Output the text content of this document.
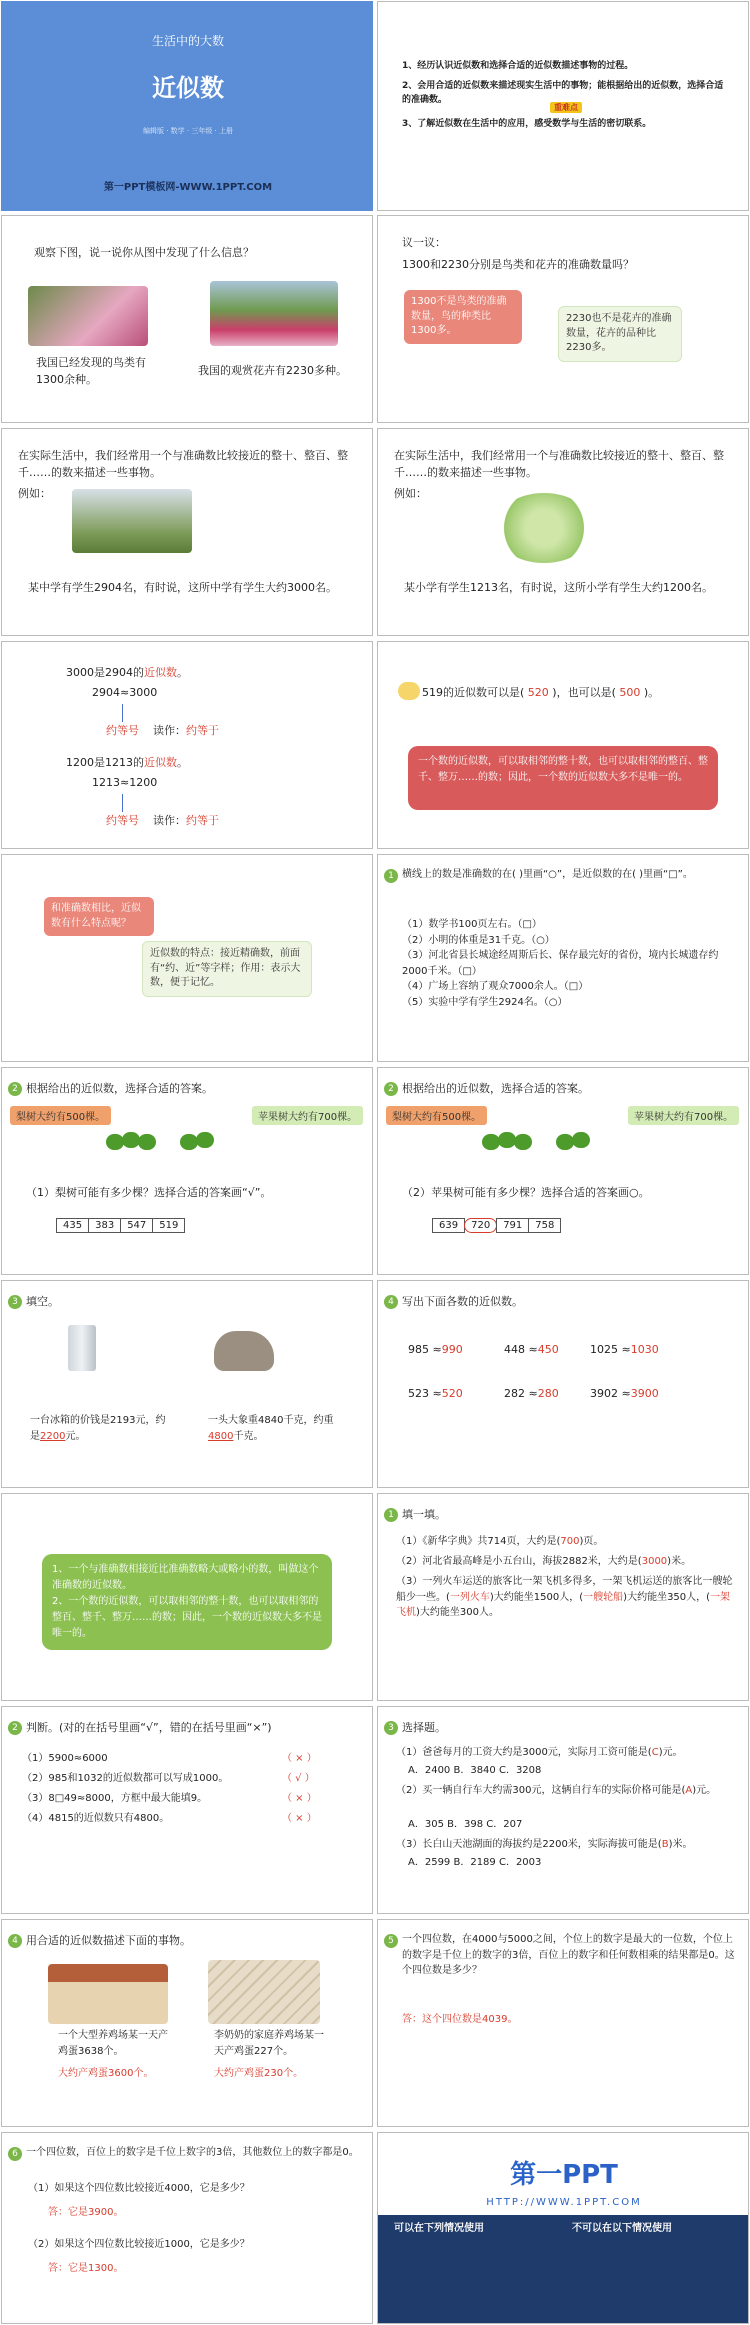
生活中的大数
近似数
编辑版 · 数学 · 三年级 · 上册
第一PPT模板网-WWW.1PPT.COM
1、经历认识近似数和选择合适的近似数描述事物的过程。
2、会用合适的近似数来描述现实生活中的事物；能根据给出的近似数，选择合适的准确数。
重难点
3、了解近似数在生活中的应用，感受数学与生活的密切联系。
观察下图，说一说你从图中发现了什么信息？
我国已经发现的鸟类有1300余种。
我国的观赏花卉有2230多种。
议一议：
1300和2230分别是鸟类和花卉的准确数量吗？
1300不是鸟类的准确数量，鸟的种类比1300多。
2230也不是花卉的准确数量，花卉的品种比2230多。
在实际生活中，我们经常用一个与准确数比较接近的整十、整百、整千……的数来描述一些事物。
例如：
某中学有学生2904名，有时说，这所中学有学生大约3000名。
在实际生活中，我们经常用一个与准确数比较接近的整十、整百、整千……的数来描述一些事物。
例如：
某小学有学生1213名，有时说，这所小学有学生大约1200名。
3000是2904的近似数。
2904≈3000
约等号 读作：约等于
1200是1213的近似数。
1213≈1200
约等号 读作：约等于
519的近似数可以是( 520 )，也可以是( 500 )。
一个数的近似数，可以取相邻的整十数，也可以取相邻的整百、整千、整万……的数；因此，一个数的近似数大多不是唯一的。
和准确数相比，近似数有什么特点呢？
近似数的特点：接近精确数，前面有“约、近”等字样；作用：表示大数，便于记忆。
1 横线上的数是准确数的在( )里画“○”，是近似数的在( )里画“□”。
（1）数学书100页左右。（□）
（2）小明的体重是31千克。（○）
（3）河北省县长城途经周斯后长、保存最完好的省份，境内长城遗存约2000千米。（□）
（4）广场上容纳了观众7000余人。（□）
（5）实验中学有学生2924名。（○）
2 根据给出的近似数，选择合适的答案。
梨树大约有500棵。	苹果树大约有700棵。
（1）梨树可能有多少棵？选择合适的答案画“√”。
435	383	547	519
2 根据给出的近似数，选择合适的答案。
梨树大约有500棵。	苹果树大约有700棵。
（2）苹果树可能有多少棵？选择合适的答案画○。
639	720	791	758
3 填空。
一台冰箱的价钱是2193元，约是2200元。
一头大象重4840千克，约重4800千克。
4 写出下面各数的近似数。
985 ≈990	448 ≈450	1025 ≈1030
523 ≈520	282 ≈280	3902 ≈3900
1、一个与准确数相接近比准确数略大或略小的数，叫做这个准确数的近似数。
2、一个数的近似数，可以取相邻的整十数，也可以取相邻的整百、整千、整万……的数；因此，一个数的近似数大多不是唯一的。
1 填一填。
（1）《新华字典》共714页，大约是(700)页。
（2）河北省最高峰是小五台山，海拔2882米，大约是(3000)米。
（3）一列火车运送的旅客比一架飞机多得多，一架飞机运送的旅客比一艘轮船少一些。(一列火车)大约能坐1500人，(一艘轮船)大约能坐350人，(一架飞机)大约能坐300人。
2 判断。(对的在括号里画“√”，错的在括号里画“×”)
（1）5900≈6000	（ × ）
（2）985和1032的近似数都可以写成1000。	（ √ ）
（3）8□49≈8000，方框中最大能填9。	（ × ）
（4）4815的近似数只有4800。	（ × ）
3 选择题。
（1）爸爸每月的工资大约是3000元，实际月工资可能是(C)元。
A．2400 B．3840 C．3208
（2）买一辆自行车大约需300元，这辆自行车的实际价格可能是(A)元。
A．305 B．398 C．207
（3）长白山天池湖面的海拔约是2200米，实际海拔可能是(B)米。
A．2599 B．2189 C．2003
4 用合适的近似数描述下面的事物。
一个大型养鸡场某一天产鸡蛋3638个。
大约产鸡蛋3600个。
李奶奶的家庭养鸡场某一天产鸡蛋227个。
大约产鸡蛋230个。
5 一个四位数，在4000与5000之间，个位上的数字是最大的一位数，个位上的数字是千位上的数字的3倍，百位上的数字和任何数相乘的结果都是0。这个四位数是多少？
答：这个四位数是4039。
6 一个四位数，百位上的数字是千位上数字的3倍，其他数位上的数字都是0。
（1）如果这个四位数比较接近4000，它是多少？
答：它是3900。
（2）如果这个四位数比较接近1000，它是多少？
答：它是1300。
第一PPT
HTTP://WWW.1PPT.COM
可以在下列情况使用	不可以在以下情况使用
